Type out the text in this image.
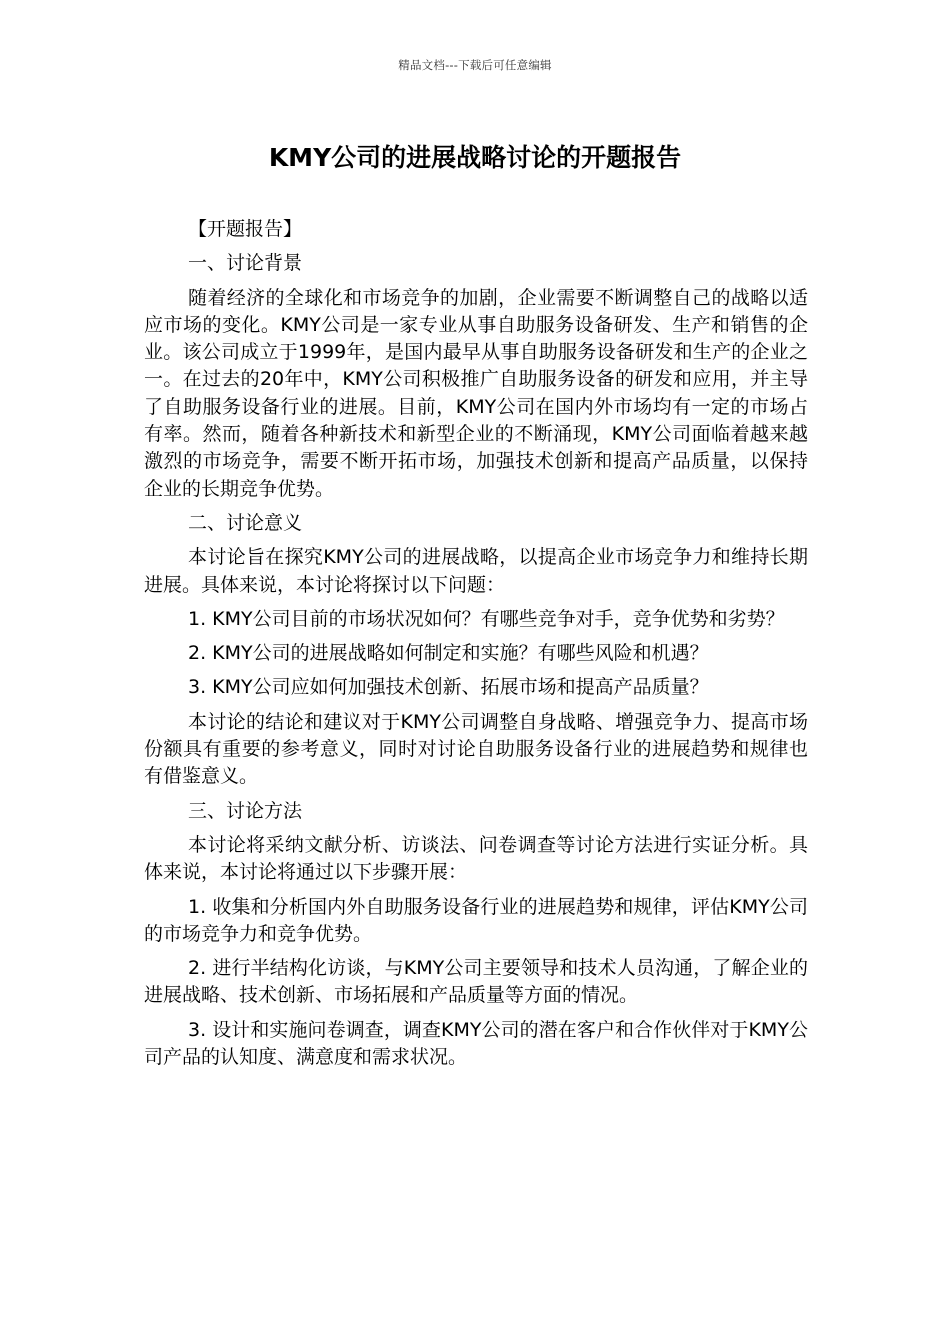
精品文档---下载后可任意编辑
KMY公司的进展战略讨论的开题报告

【开题报告】

一、讨论背景

随着经济的全球化和市场竞争的加剧，企业需要不断调整自己的战略以适应市场的变化。KMY公司是一家专业从事自助服务设备研发、生产和销售的企业。该公司成立于1999年，是国内最早从事自助服务设备研发和生产的企业之一。在过去的20年中，KMY公司积极推广自助服务设备的研发和应用，并主导了自助服务设备行业的进展。目前，KMY公司在国内外市场均有一定的市场占有率。然而，随着各种新技术和新型企业的不断涌现，KMY公司面临着越来越激烈的市场竞争，需要不断开拓市场，加强技术创新和提高产品质量，以保持企业的长期竞争优势。

二、讨论意义

本讨论旨在探究KMY公司的进展战略，以提高企业市场竞争力和维持长期进展。具体来说，本讨论将探讨以下问题：

1. KMY公司目前的市场状况如何？有哪些竞争对手，竞争优势和劣势？

2. KMY公司的进展战略如何制定和实施？有哪些风险和机遇？

3. KMY公司应如何加强技术创新、拓展市场和提高产品质量？

本讨论的结论和建议对于KMY公司调整自身战略、增强竞争力、提高市场份额具有重要的参考意义，同时对讨论自助服务设备行业的进展趋势和规律也有借鉴意义。

三、讨论方法

本讨论将采纳文献分析、访谈法、问卷调查等讨论方法进行实证分析。具体来说，本讨论将通过以下步骤开展：

1. 收集和分析国内外自助服务设备行业的进展趋势和规律，评估KMY公司的市场竞争力和竞争优势。

2. 进行半结构化访谈，与KMY公司主要领导和技术人员沟通，了解企业的进展战略、技术创新、市场拓展和产品质量等方面的情况。

3. 设计和实施问卷调查，调查KMY公司的潜在客户和合作伙伴对于KMY公司产品的认知度、满意度和需求状况。
